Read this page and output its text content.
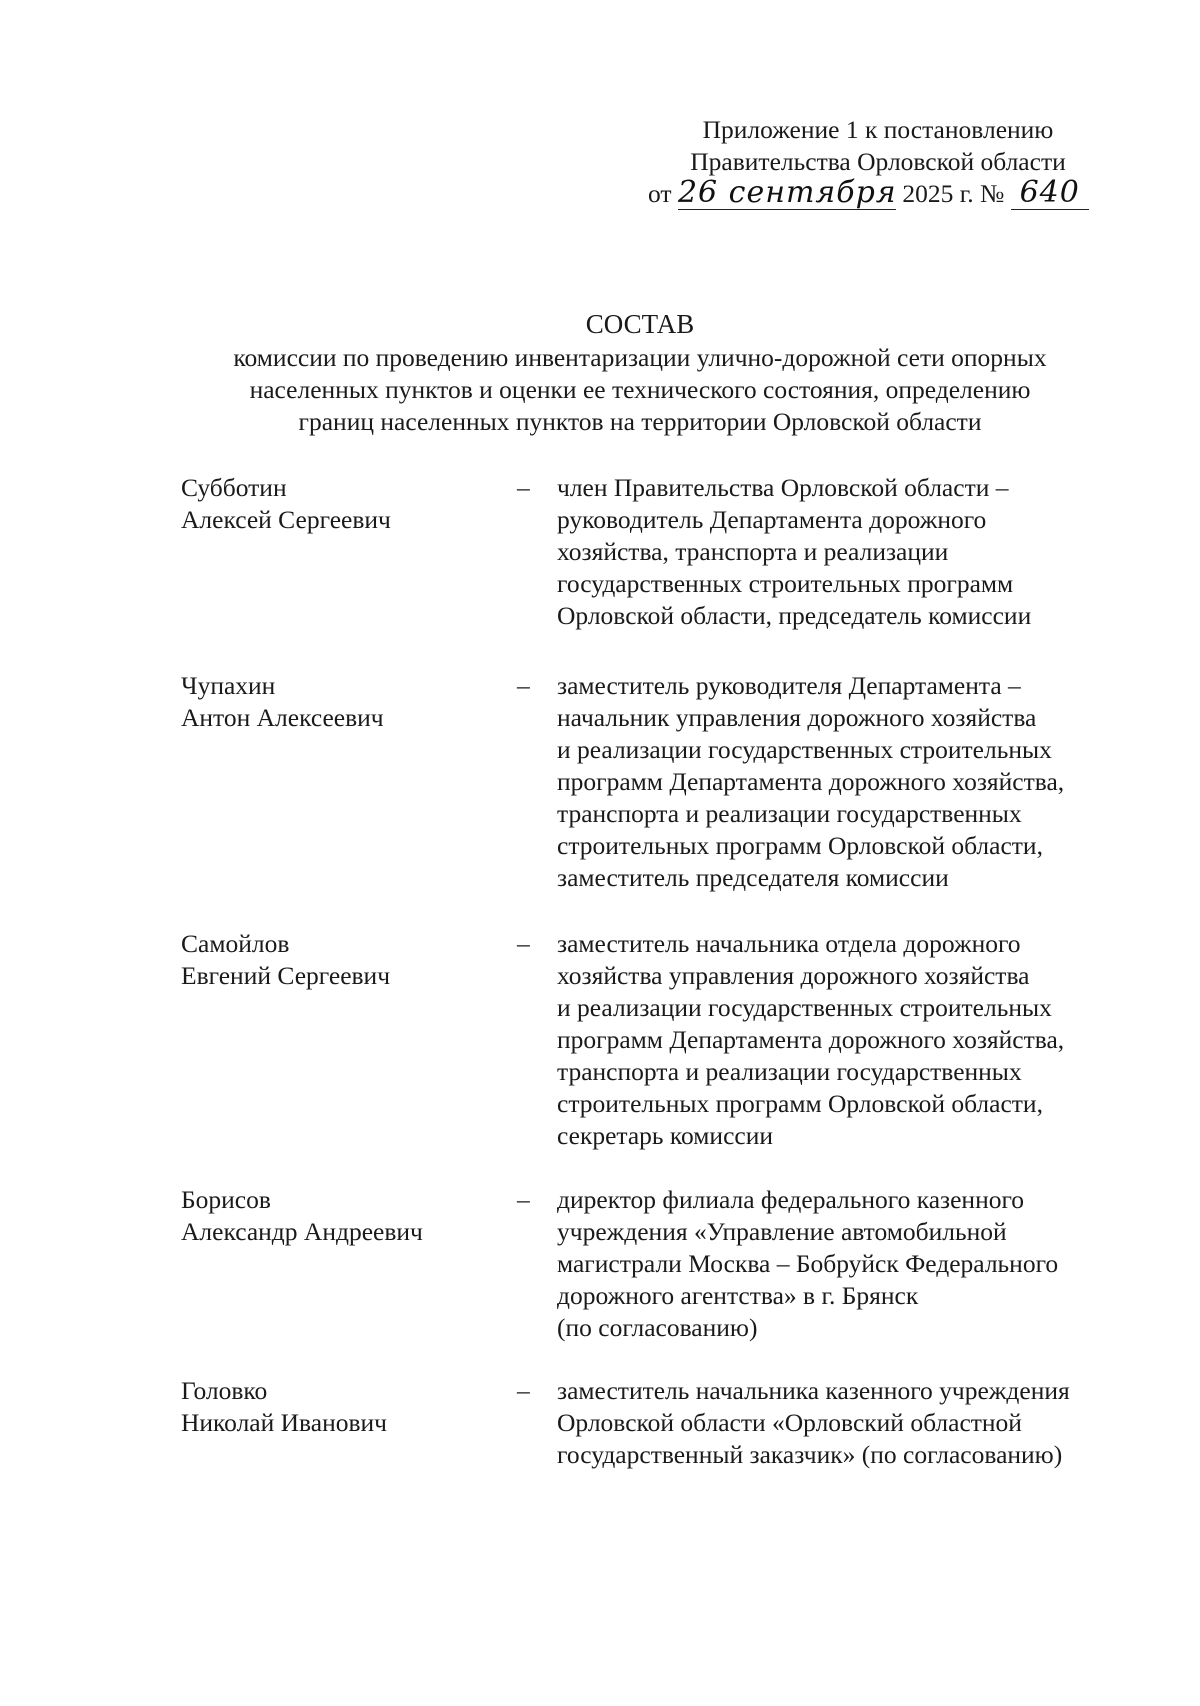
Приложение 1 к постановлению
Правительства Орловской области
от 26 сентября 2025 г. № 640
СОСТАВ
комиссии по проведению инвентаризации улично-дорожной сети опорных
населенных пунктов и оценки ее технического состояния, определению
границ населенных пунктов на территории Орловской области
Субботин
Алексей Сергеевич
– член Правительства Орловской области –
руководитель Департамента дорожного
хозяйства, транспорта и реализации
государственных строительных программ
Орловской области, председатель комиссии
Чупахин
Антон Алексеевич
– заместитель руководителя Департамента –
начальник управления дорожного хозяйства
и реализации государственных строительных
программ Департамента дорожного хозяйства,
транспорта и реализации государственных
строительных программ Орловской области,
заместитель председателя комиссии
Самойлов
Евгений Сергеевич
– заместитель начальника отдела дорожного
хозяйства управления дорожного хозяйства
и реализации государственных строительных
программ Департамента дорожного хозяйства,
транспорта и реализации государственных
строительных программ Орловской области,
секретарь комиссии
Борисов
Александр Андреевич
– директор филиала федерального казенного
учреждения «Управление автомобильной
магистрали Москва – Бобруйск Федерального
дорожного агентства» в г. Брянск
(по согласованию)
Головко
Николай Иванович
– заместитель начальника казенного учреждения
Орловской области «Орловский областной
государственный заказчик» (по согласованию)
